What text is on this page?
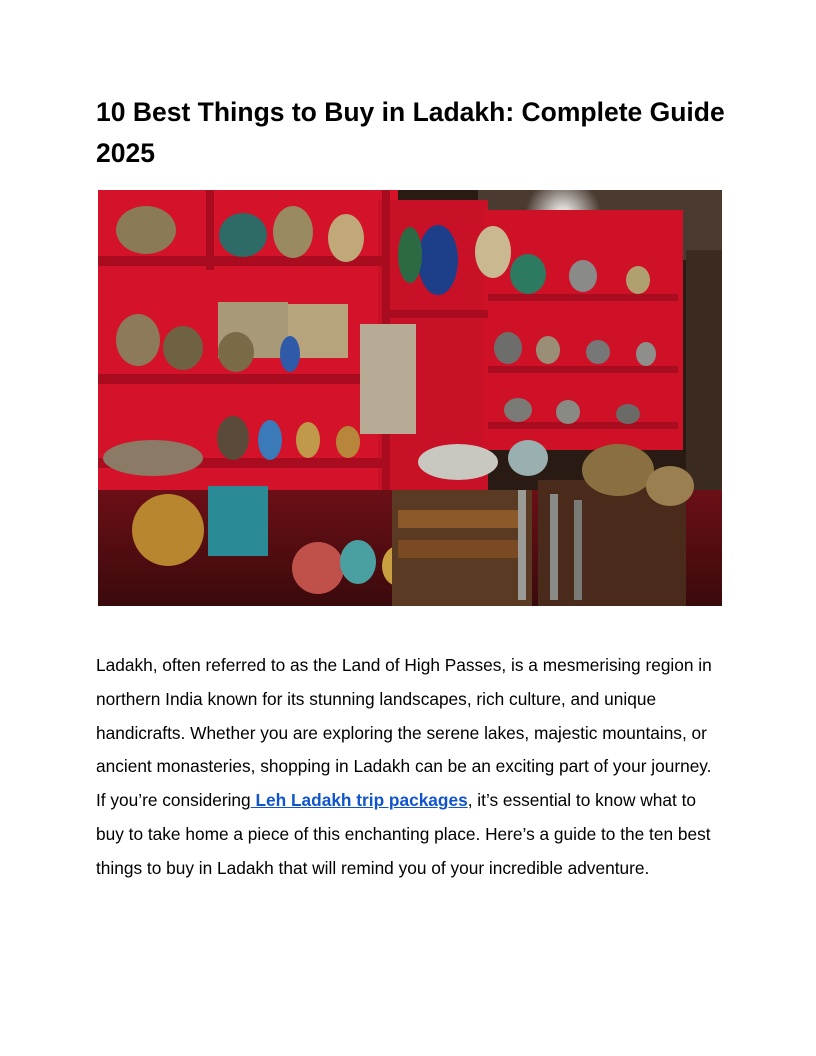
10 Best Things to Buy in Ladakh: Complete Guide 2025

Ladakh, often referred to as the Land of High Passes, is a mesmerising region in northern India known for its stunning landscapes, rich culture, and unique handicrafts. Whether you are exploring the serene lakes, majestic mountains, or ancient monasteries, shopping in Ladakh can be an exciting part of your journey. If you’re considering Leh Ladakh trip packages, it’s essential to know what to buy to take home a piece of this enchanting place. Here’s a guide to the ten best things to buy in Ladakh that will remind you of your incredible adventure.
